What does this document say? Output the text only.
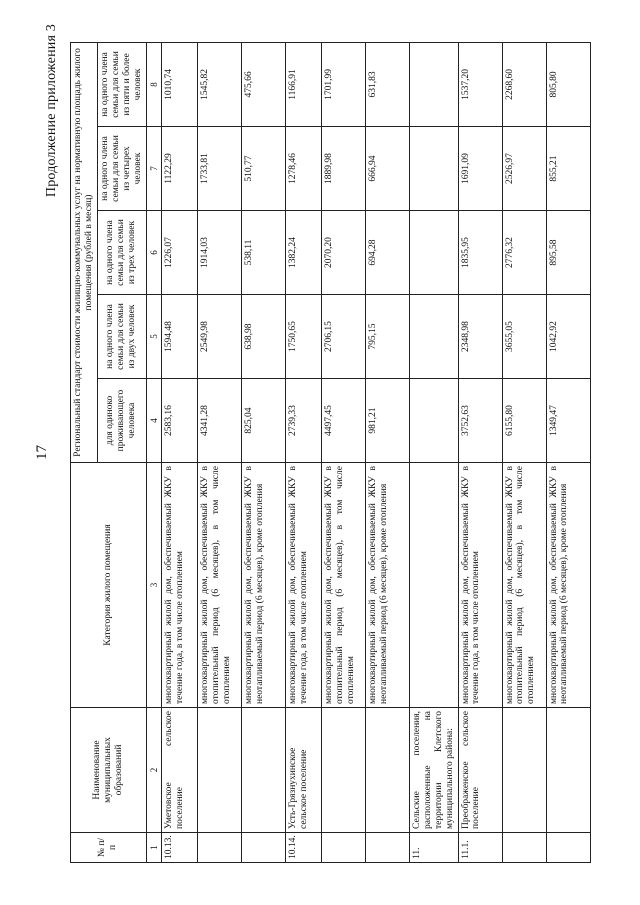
17
Продолжение приложения 3
№ п/п	Наименование муниципальных образований	Категория жилого помещения	Региональный стандарт стоимости жилищно-коммунальных услуг на нормативную площадь жилого помещения (рублей в месяц)				
			для одиноко проживающего человека	на одного члена семьи для семьи из двух человек	на одного члена семьи для семьи из трех человек	на одного члена семьи для семьи из четырех человек	на одного члена семьи для семьи из пяти и более человек
1	2	3	4	5	6	7	8
10.13.	Уметовское сельское поселение	многоквартирный жилой дом, обеспечиваемый ЖКУ в течение года, в том числе отоплением	2583,16	1594,48	1226,07	1122,29	1010,74
		многоквартирный жилой дом, обеспечиваемый ЖКУ в отопительный период (6 месяцев), в том числе отоплением	4341,28	2549,98	1914,03	1733,81	1545,82
		многоквартирный жилой дом, обеспечиваемый ЖКУ в неотапливаемый период (6 месяцев), кроме отопления	825,04	638,98	538,11	510,77	475,66
10.14.	Усть-Грязнухинское сельское поселение	многоквартирный жилой дом, обеспечиваемый ЖКУ в течение года, в том числе отоплением	2739,33	1750,65	1382,24	1278,46	1166,91
		многоквартирный жилой дом, обеспечиваемый ЖКУ в отопительный период (6 месяцев), в том числе отоплением	4497,45	2706,15	2070,20	1889,98	1701,99
		многоквартирный жилой дом, обеспечиваемый ЖКУ в неотапливаемый период (6 месяцев), кроме отопления	981,21	795,15	694,28	666,94	631,83
11.	Сельские поселения, расположенные на территории Клетского муниципального района:						
11.1.	Преображенское сельское поселение	многоквартирный жилой дом, обеспечиваемый ЖКУ в течение года, в том числе отоплением	3752,63	2348,98	1835,95	1691,09	1537,20
		многоквартирный жилой дом, обеспечиваемый ЖКУ в отопительный период (6 месяцев), в том числе отоплением	6155,80	3655,05	2776,32	2526,97	2268,60
		многоквартирный жилой дом, обеспечиваемый ЖКУ в неотапливаемый период (6 месяцев), кроме отопления	1349,47	1042,92	895,58	855,21	805,80
